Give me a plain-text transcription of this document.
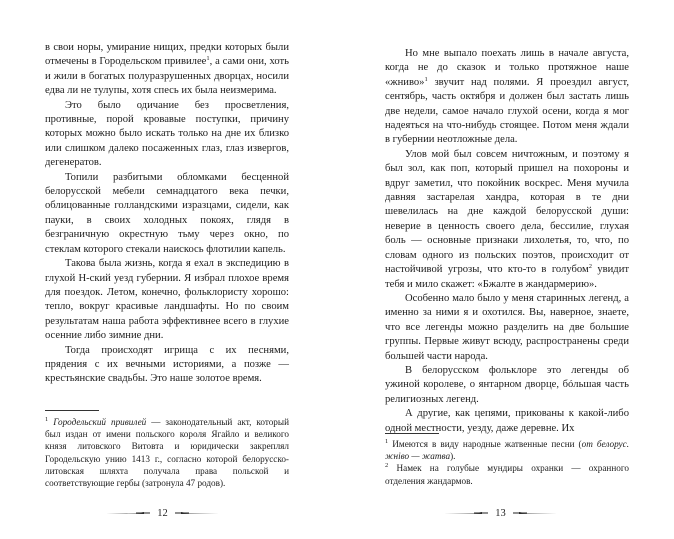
в свои норы, умирание нищих, предки которых были отмечены в Городельском привилее$^1$, а сами они, хоть и жили в богатых полуразрушенных дворцах, носили едва ли не тулупы, хотя спесь их была неизмерима.

Это было одичание без просветления, противные, порой кровавые поступки, причину которых можно было искать только на дне их близко или слишком далеко посаженных глаз, глаз извергов, дегенератов.

Топили разбитыми обломками бесценной белорусской мебели семнадцатого века печки, облицованные голландскими изразцами, сидели, как пауки, в своих холодных покоях, глядя в безграничную окрестную тьму через окно, по стеклам которого стекали наискось флотилии капель.

Такова была жизнь, когда я ехал в экспедицию в глухой Н-ский уезд губернии. Я избрал плохое время для поездок. Летом, конечно, фольклористу хорошо: тепло, вокруг красивые ландшафты. Но по своим результатам наша работа эффективнее всего в глухие осенние либо зимние дни.

Тогда происходят игрища с их песнями, прядения с их вечными историями, а позже — крестьянские свадьбы. Это наше золотое время.

$^1$ Городельский привилей — законодательный акт, который был издан от имени польского короля Ягайло и великого князя литовского Витовта и юридически закреплял Городельскую унию 1413 г., согласно которой белорусско-литовская шляхта получала права польской и соответствующие гербы (затронула 47 родов).

12

Но мне выпало поехать лишь в начале августа, когда не до сказок и только протяжное наше «жниво»$^1$ звучит над полями. Я проездил август, сентябрь, часть октября и должен был застать лишь две недели, самое начало глухой осени, когда я мог надеяться на что-нибудь стоящее. Потом меня ждали в губернии неотложные дела.

Улов мой был совсем ничтожным, и поэтому я был зол, как поп, который пришел на похороны и вдруг заметил, что покойник воскрес. Меня мучила давняя застарелая хандра, которая в те дни шевелилась на дне каждой белорусской души: неверие в ценность своего дела, бессилие, глухая боль — основные признаки лихолетья, то, что, по словам одного из польских поэтов, происходит от настойчивой угрозы, что кто-то в голубом$^2$ увидит тебя и мило скажет: «Бжалте в жандармерию».

Особенно мало было у меня старинных легенд, а именно за ними я и охотился. Вы, наверное, знаете, что все легенды можно разделить на две большие группы. Первые живут всюду, распространены среди большей части народа.

В белорусском фольклоре это легенды об ужиной королеве, о янтарном дворце, бóльшая часть религиозных легенд.

А другие, как цепями, прикованы к какой-либо одной местности, уезду, даже деревне. Их

$^1$ Имеются в виду народные жатвенные песни (от белорус. жніво — жатва).

$^2$ Намек на голубые мундиры охранки — охранного отделения жандармов.

13
